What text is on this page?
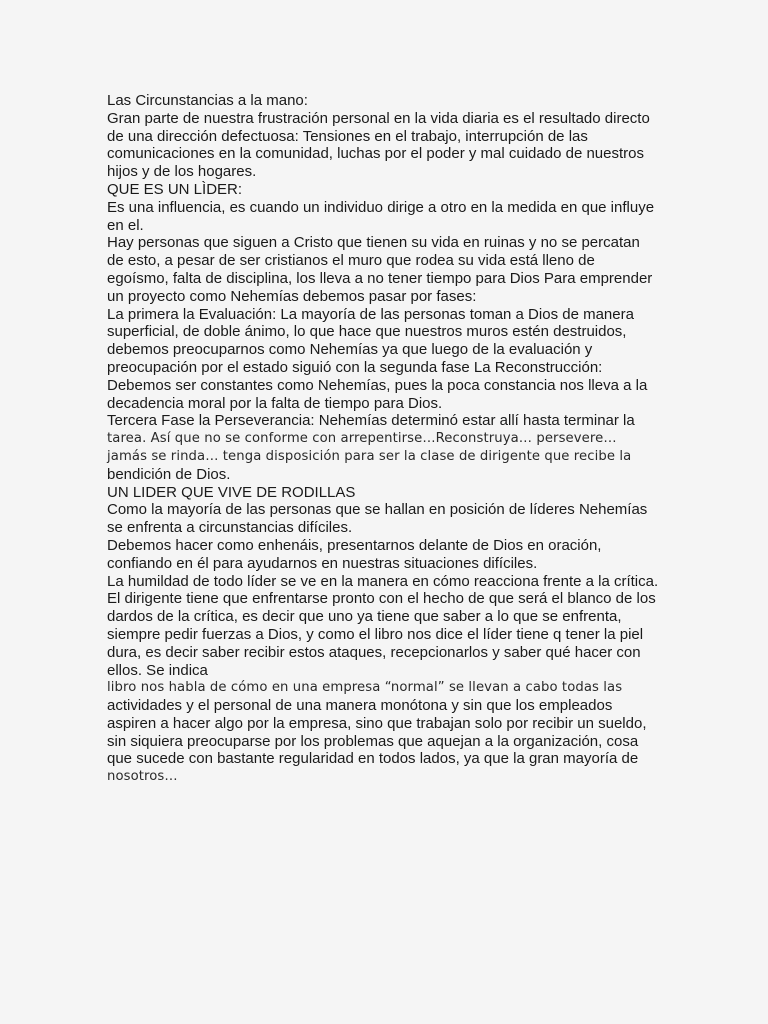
Las Circunstancias a la mano:
Gran parte de nuestra frustración personal en la vida diaria es el resultado directo
de una dirección defectuosa: Tensiones en el trabajo, interrupción de las
comunicaciones en la comunidad, luchas por el poder y mal cuidado de nuestros
hijos y de los hogares.
QUE ES UN LÌDER:
Es una influencia, es cuando un individuo dirige a otro en la medida en que influye
en el.
Hay personas que siguen a Cristo que tienen su vida en ruinas y no se percatan
de esto, a pesar de ser cristianos el muro que rodea su vida está lleno de
egoísmo, falta de disciplina, los lleva a no tener tiempo para Dios Para emprender
un proyecto como Nehemías debemos pasar por fases:
La primera la Evaluación: La mayoría de las personas toman a Dios de manera
superficial, de doble ánimo, lo que hace que nuestros muros estén destruidos,
debemos preocuparnos como Nehemías ya que luego de la evaluación y
preocupación por el estado siguió con la segunda fase La Reconstrucción:
Debemos ser constantes como Nehemías, pues la poca constancia nos lleva a la
decadencia moral por la falta de tiempo para Dios.
Tercera Fase la Perseverancia: Nehemías determinó estar allí hasta terminar la
tarea. Así que no se conforme con arrepentirse…Reconstruya… persevere…
jamás se rinda… tenga disposición para ser la clase de dirigente que recibe la
bendición de Dios.
UN LIDER QUE VIVE DE RODILLAS
Como la mayoría de las personas que se hallan en posición de líderes Nehemías
se enfrenta a circunstancias difíciles.
Debemos hacer como enhenáis, presentarnos delante de Dios en oración,
confiando en él para ayudarnos en nuestras situaciones difíciles.
La humildad de todo líder se ve en la manera en cómo reacciona frente a la crítica.
El dirigente tiene que enfrentarse pronto con el hecho de que será el blanco de los
dardos de la crítica, es decir que uno ya tiene que saber a lo que se enfrenta,
siempre pedir fuerzas a Dios, y como el libro nos dice el líder tiene q tener la piel
dura, es decir saber recibir estos ataques, recepcionarlos y saber qué hacer con
ellos. Se indica
libro nos habla de cómo en una empresa “normal” se llevan a cabo todas las
actividades y el personal de una manera monótona y sin que los empleados
aspiren a hacer algo por la empresa, sino que trabajan solo por recibir un sueldo,
sin siquiera preocuparse por los problemas que aquejan a la organización, cosa
que sucede con bastante regularidad en todos lados, ya que la gran mayoría de
nosotros…
